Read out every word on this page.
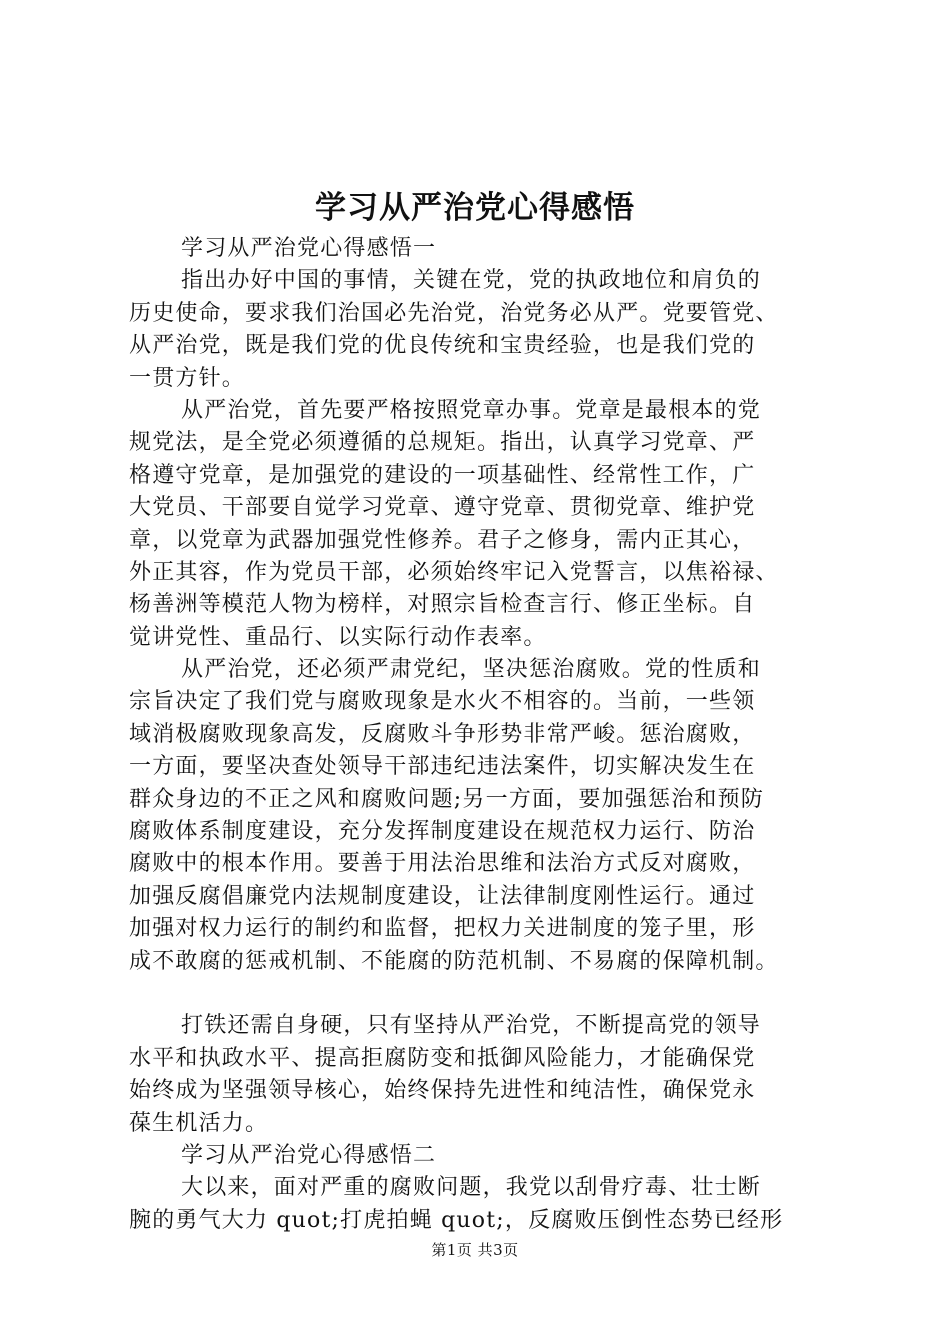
学习从严治党心得感悟
学习从严治党心得感悟一
指出办好中国的事情，关键在党，党的执政地位和肩负的
历史使命，要求我们治国必先治党，治党务必从严。党要管党、
从严治党，既是我们党的优良传统和宝贵经验，也是我们党的
一贯方针。
从严治党，首先要严格按照党章办事。党章是最根本的党
规党法，是全党必须遵循的总规矩。指出，认真学习党章、严
格遵守党章，是加强党的建设的一项基础性、经常性工作，广
大党员、干部要自觉学习党章、遵守党章、贯彻党章、维护党
章，以党章为武器加强党性修养。君子之修身，需内正其心，
外正其容，作为党员干部，必须始终牢记入党誓言，以焦裕禄、
杨善洲等模范人物为榜样，对照宗旨检查言行、修正坐标。自
觉讲党性、重品行、以实际行动作表率。
从严治党，还必须严肃党纪，坚决惩治腐败。党的性质和
宗旨决定了我们党与腐败现象是水火不相容的。当前，一些领
域消极腐败现象高发，反腐败斗争形势非常严峻。惩治腐败，
一方面，要坚决查处领导干部违纪违法案件，切实解决发生在
群众身边的不正之风和腐败问题;另一方面，要加强惩治和预防
腐败体系制度建设，充分发挥制度建设在规范权力运行、防治
腐败中的根本作用。要善于用法治思维和法治方式反对腐败，
加强反腐倡廉党内法规制度建设，让法律制度刚性运行。通过
加强对权力运行的制约和监督，把权力关进制度的笼子里，形
成不敢腐的惩戒机制、不能腐的防范机制、不易腐的保障机制。
打铁还需自身硬，只有坚持从严治党，不断提高党的领导
水平和执政水平、提高拒腐防变和抵御风险能力，才能确保党
始终成为坚强领导核心，始终保持先进性和纯洁性，确保党永
葆生机活力。
学习从严治党心得感悟二
大以来，面对严重的腐败问题，我党以刮骨疗毒、壮士断
腕的勇气大力 quot;打虎拍蝇 quot;，反腐败压倒性态势已经形
第1页 共3页
